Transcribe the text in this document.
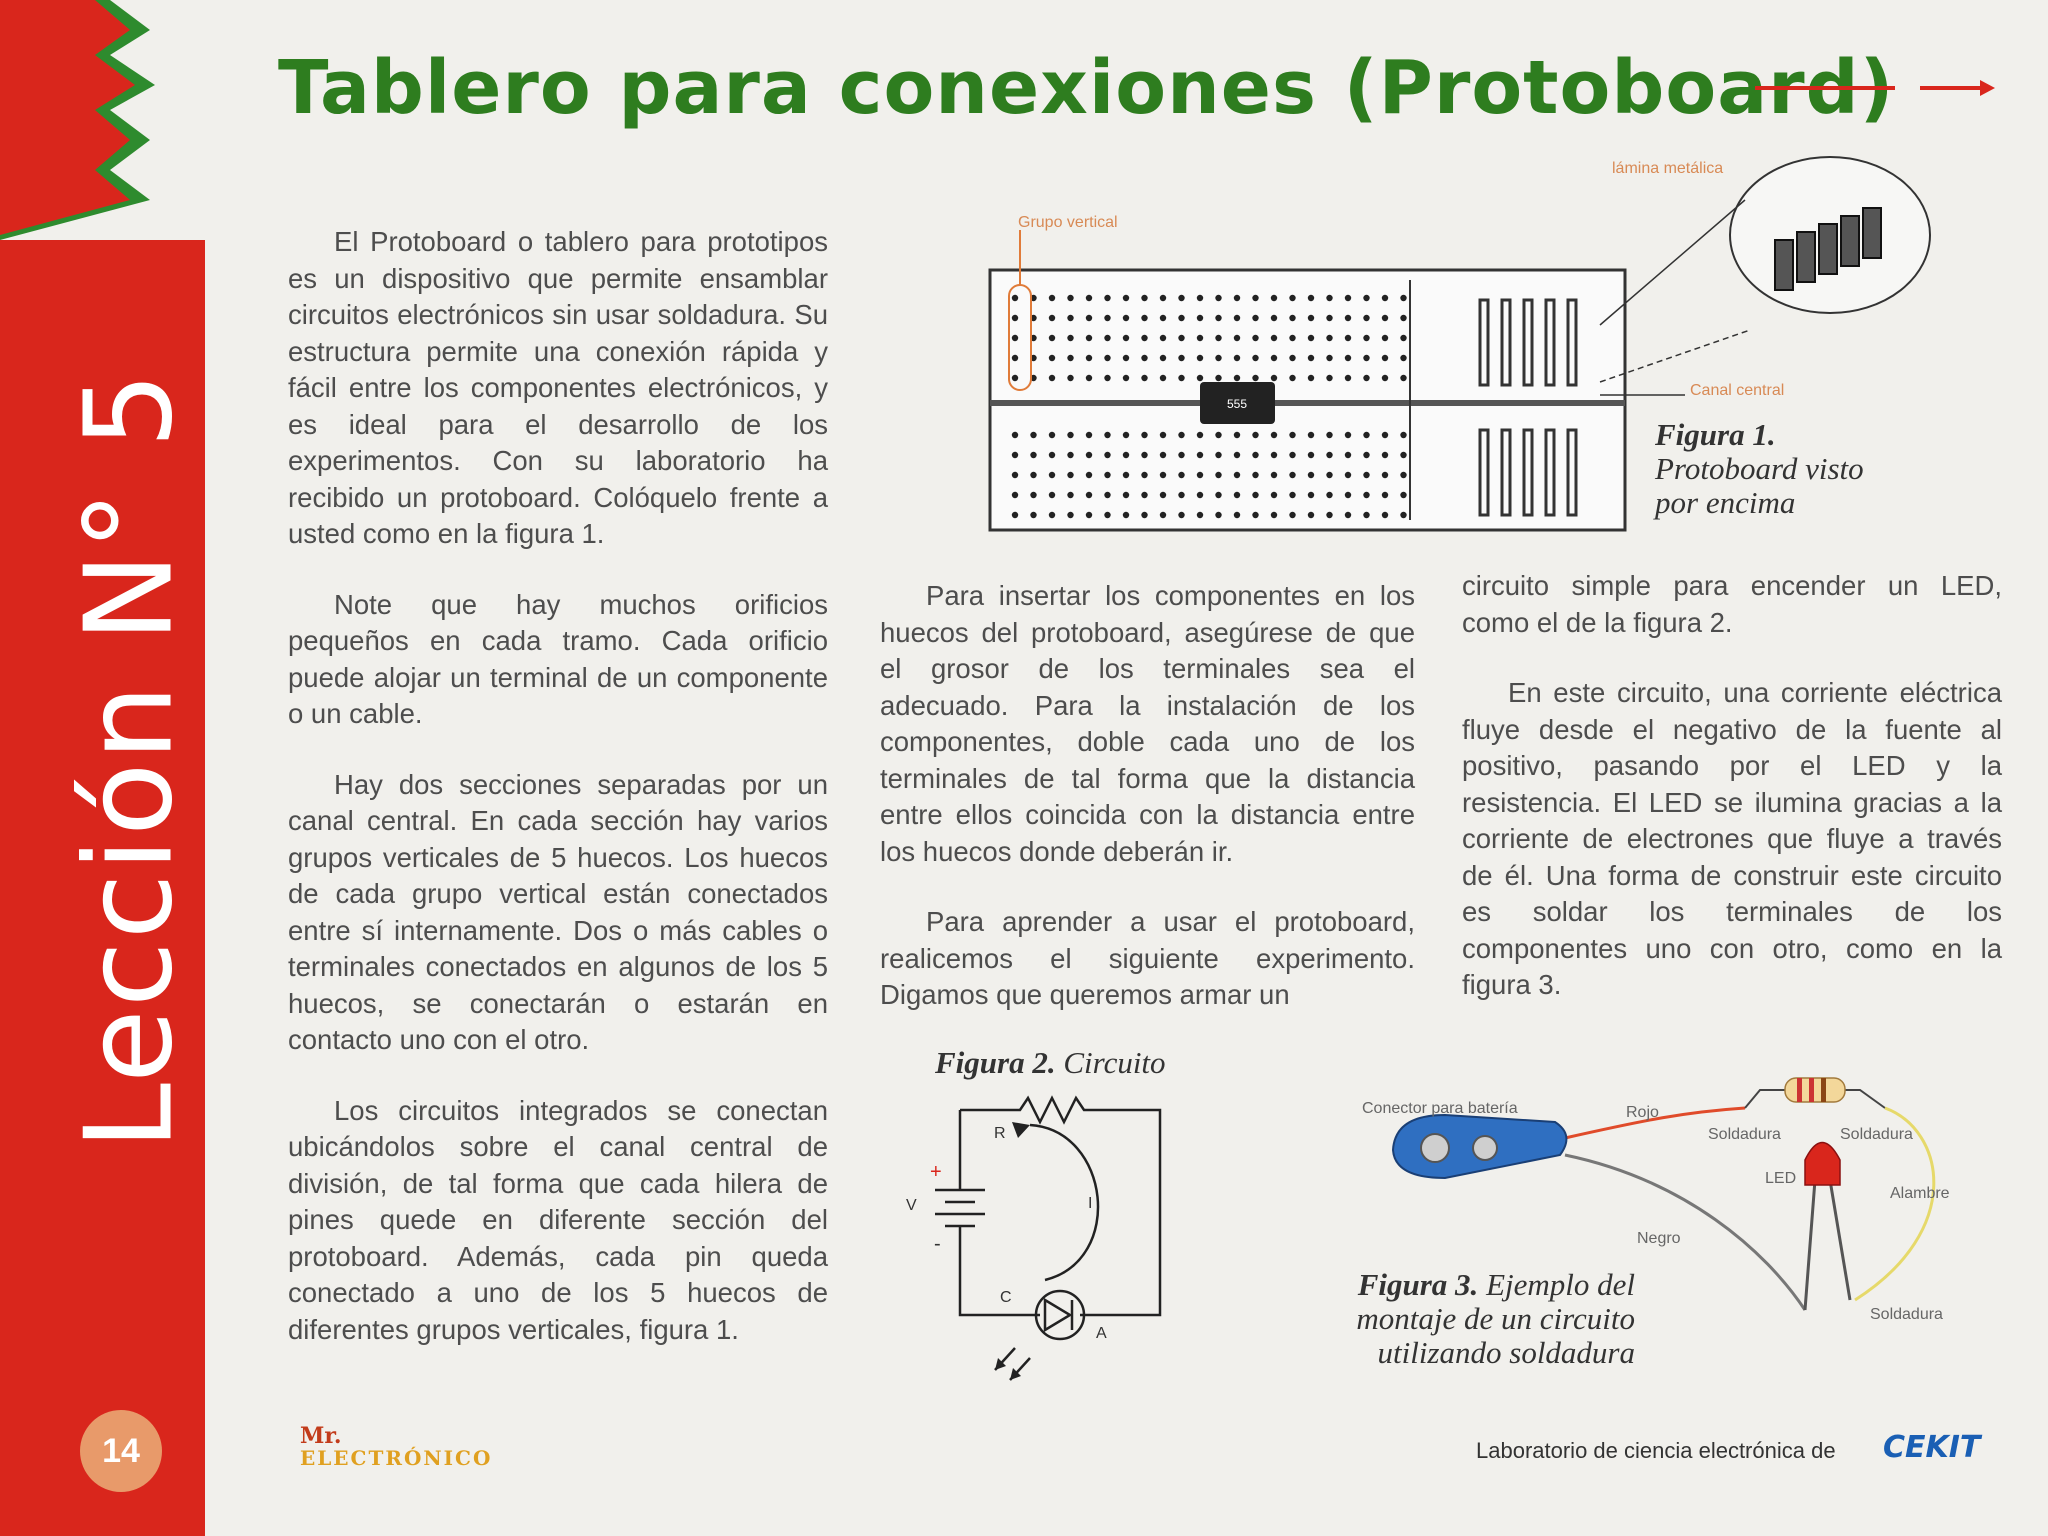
Lección N° 5
14
Tablero para conexiones (Protoboard)

El Protoboard o tablero para prototipos es un dispositivo que permite ensamblar circuitos electrónicos sin usar soldadura. Su estructura permite una conexión rápida y fácil entre los componentes electrónicos, y es ideal para el desarrollo de los experimentos. Con su laboratorio ha recibido un protoboard. Colóquelo frente a usted como en la figura 1.

Note que hay muchos orificios pequeños en cada tramo. Cada orificio puede alojar un terminal de un componente o un cable.

Hay dos secciones separadas por un canal central. En cada sección hay varios grupos verticales de 5 huecos. Los huecos de cada grupo vertical están conectados entre sí internamente. Dos o más cables o terminales conectados en algunos de los 5 huecos, se conectarán o estarán en contacto uno con el otro.

Los circuitos integrados se conectan ubicándolos sobre el canal central de división, de tal forma que cada hilera de pines quede en diferente sección del protoboard. Además, cada pin queda conectado a uno de los 5 huecos de diferentes grupos verticales, figura 1.

555
Grupo vertical
lámina metálica
Canal central
Figura 1.
Protoboard visto
por encima

Para insertar los componentes en los huecos del protoboard, asegúrese de que el grosor de los terminales sea el adecuado. Para la instalación de los componentes, doble cada uno de los terminales de tal forma que la distancia entre ellos coincida con la distancia entre los huecos donde deberán ir.

Para aprender a usar el protoboard, realicemos el siguiente experimento. Digamos que queremos armar un

circuito simple para encender un LED, como el de la figura 2.

En este circuito, una corriente eléctrica fluye desde el negativo de la fuente al positivo, pasando por el LED y la resistencia. El LED se ilumina gracias a la corriente de electrones que fluye a través de él. Una forma de construir este circuito es soldar los terminales de los componentes uno con otro, como en la figura 3.

Figura 2. Circuito
R
I
V
+
-
C
A
Conector para batería	Rojo
Soldadura	Soldadura
LED
Alambre
Negro
Soldadura
Figura 3. Ejemplo del
montaje de un circuito
utilizando soldadura
Mr.
ELECTRÓNICO	Laboratorio de ciencia electrónica de CEKIT
